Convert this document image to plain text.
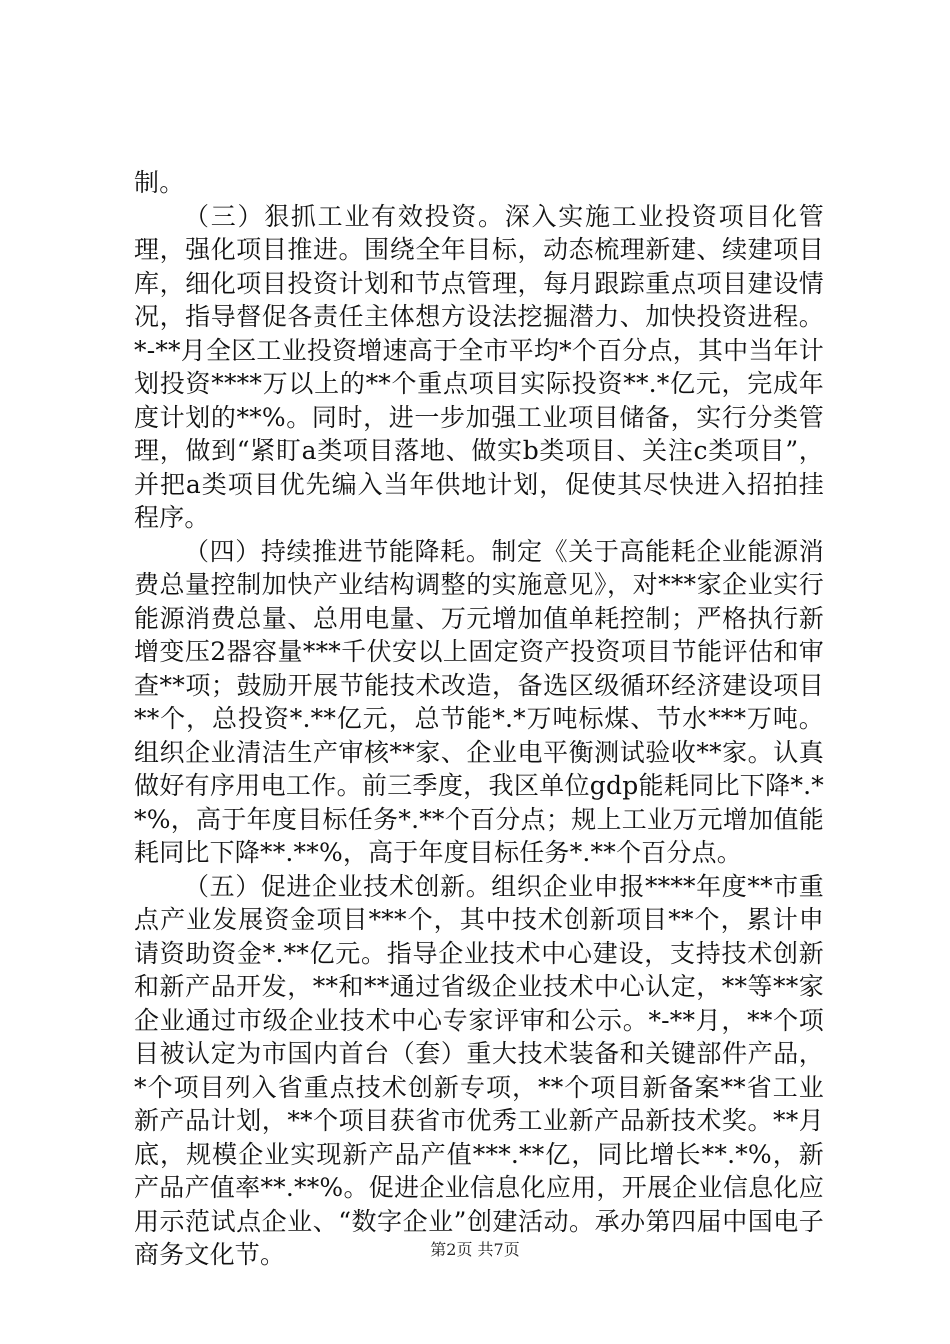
制。

（三）狠抓工业有效投资。深入实施工业投资项目化管理，强化项目推进。围绕全年目标，动态梳理新建、续建项目库，细化项目投资计划和节点管理，每月跟踪重点项目建设情况，指导督促各责任主体想方设法挖掘潜力、加快投资进程。*-**月全区工业投资增速高于全市平均*个百分点，其中当年计划投资****万以上的**个重点项目实际投资**.*亿元，完成年度计划的**%。同时，进一步加强工业项目储备，实行分类管理，做到“紧盯a类项目落地、做实b类项目、关注c类项目”，并把a类项目优先编入当年供地计划，促使其尽快进入招拍挂程序。

（四）持续推进节能降耗。制定《关于高能耗企业能源消费总量控制加快产业结构调整的实施意见》，对***家企业实行能源消费总量、总用电量、万元增加值单耗控制；严格执行新增变压2器容量***千伏安以上固定资产投资项目节能评估和审查**项；鼓励开展节能技术改造，备选区级循环经济建设项目**个，总投资*.**亿元，总节能*.*万吨标煤、节水***万吨。组织企业清洁生产审核**家、企业电平衡测试验收**家。认真做好有序用电工作。前三季度，我区单位gdp能耗同比下降*.**%，高于年度目标任务*.**个百分点；规上工业万元增加值能耗同比下降**.**%，高于年度目标任务*.**个百分点。

（五）促进企业技术创新。组织企业申报****年度**市重点产业发展资金项目***个，其中技术创新项目**个，累计申请资助资金*.**亿元。指导企业技术中心建设，支持技术创新和新产品开发，**和**通过省级企业技术中心认定，**等**家企业通过市级企业技术中心专家评审和公示。*-**月，**个项目被认定为市国内首台（套）重大技术装备和关键部件产品，*个项目列入省重点技术创新专项，**个项目新备案**省工业新产品计划，**个项目获省市优秀工业新产品新技术奖。**月底，规模企业实现新产品产值***.**亿，同比增长**.*%，新产品产值率**.**%。促进企业信息化应用，开展企业信息化应用示范试点企业、“数字企业”创建活动。承办第四届中国电子商务文化节。	第2页 共7页
